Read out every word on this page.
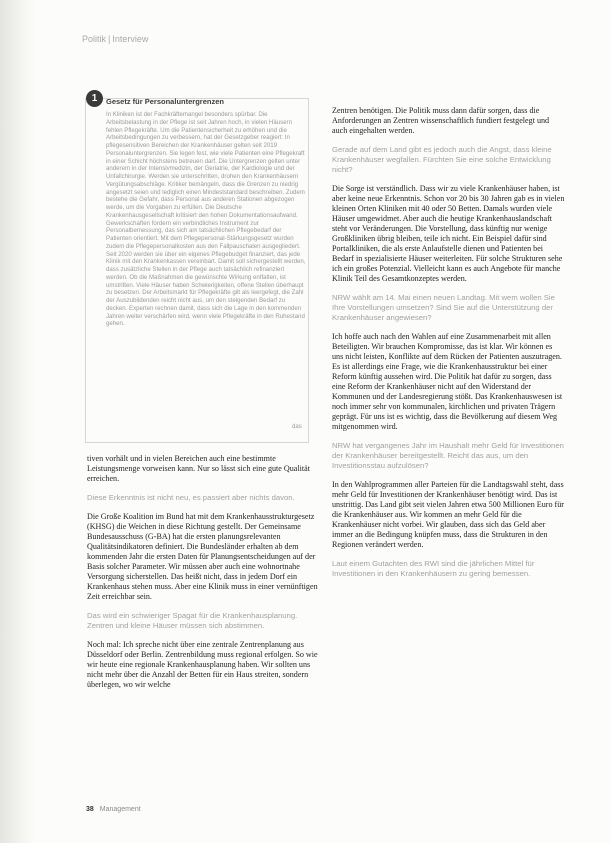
Politik | Interview
1	Gesetz für Personaluntergrenzen
In Kliniken ist der Fachkräftemangel besonders spürbar. Die Arbeitsbelastung in der Pflege ist seit Jahren hoch, in vielen Häusern fehlen Pflegekräfte. Um die Patientensicherheit zu erhöhen und die Arbeitsbedingungen zu verbessern, hat der Gesetzgeber reagiert: In pflegesensitiven Bereichen der Krankenhäuser gelten seit 2019 Personaluntergrenzen. Sie legen fest, wie viele Patienten eine Pflegekraft in einer Schicht höchstens betreuen darf. Die Untergrenzen gelten unter anderem in der Intensivmedizin, der Geriatrie, der Kardiologie und der Unfallchirurgie. Werden sie unterschritten, drohen den Krankenhäusern Vergütungsabschläge. Kritiker bemängeln, dass die Grenzen zu niedrig angesetzt seien und lediglich einen Mindeststandard beschreiben. Zudem bestehe die Gefahr, dass Personal aus anderen Stationen abgezogen werde, um die Vorgaben zu erfüllen. Die Deutsche Krankenhausgesellschaft kritisiert den hohen Dokumentationsaufwand. Gewerkschaften fordern ein verbindliches Instrument zur Personalbemessung, das sich am tatsächlichen Pflegebedarf der Patienten orientiert. Mit dem Pflegepersonal-Stärkungsgesetz wurden zudem die Pflegepersonalkosten aus den Fallpauschalen ausgegliedert. Seit 2020 werden sie über ein eigenes Pflegebudget finanziert, das jede Klinik mit den Krankenkassen vereinbart. Damit soll sichergestellt werden, dass zusätzliche Stellen in der Pflege auch tatsächlich refinanziert werden. Ob die Maßnahmen die gewünschte Wirkung entfalten, ist umstritten. Viele Häuser haben Schwierigkeiten, offene Stellen überhaupt zu besetzen. Der Arbeitsmarkt für Pflegekräfte gilt als leergefegt, die Zahl der Auszubildenden reicht nicht aus, um den steigenden Bedarf zu decken. Experten rechnen damit, dass sich die Lage in den kommenden Jahren weiter verschärfen wird, wenn viele Pflegekräfte in den Ruhestand gehen.
das

tiven vorhält und in vielen Bereichen auch eine bestimmte Leistungsmenge vorweisen kann. Nur so lässt sich eine gute Qualität erreichen.

Diese Erkenntnis ist nicht neu, es passiert aber nichts davon.

Die Große Koalition im Bund hat mit dem Krankenhausstrukturgesetz (KHSG) die Weichen in diese Richtung gestellt. Der Gemeinsame Bundesausschuss (G-BA) hat die ersten planungsrelevanten Qualitätsindikatoren definiert. Die Bundesländer erhalten ab dem kommenden Jahr die ersten Daten für Planungsentscheidungen auf der Basis solcher Parameter. Wir müssen aber auch eine wohnortnahe Versorgung sicherstellen. Das heißt nicht, dass in jedem Dorf ein Krankenhaus stehen muss. Aber eine Klinik muss in einer vernünftigen Zeit erreichbar sein.

Das wird ein schwieriger Spagat für die Krankenhausplanung. Zentren und kleine Häuser müssen sich abstimmen.

Noch mal: Ich spreche nicht über eine zentrale Zentrenplanung aus Düsseldorf oder Berlin. Zentrenbildung muss regional erfolgen. So wie wir heute eine regionale Krankenhausplanung haben. Wir sollten uns nicht mehr über die Anzahl der Betten für ein Haus streiten, sondern überlegen, wo wir welche

Zentren benötigen. Die Politik muss dann dafür sorgen, dass die Anforderungen an Zentren wissenschaftlich fundiert festgelegt und auch eingehalten werden.

Gerade auf dem Land gibt es jedoch auch die Angst, dass kleine Krankenhäuser wegfallen. Fürchten Sie eine solche Entwicklung nicht?

Die Sorge ist verständlich. Dass wir zu viele Krankenhäuser haben, ist aber keine neue Erkenntnis. Schon vor 20 bis 30 Jahren gab es in vielen kleinen Orten Kliniken mit 40 oder 50 Betten. Damals wurden viele Häuser umgewidmet. Aber auch die heutige Krankenhauslandschaft steht vor Veränderungen. Die Vorstellung, dass künftig nur wenige Großkliniken übrig bleiben, teile ich nicht. Ein Beispiel dafür sind Portalkliniken, die als erste Anlaufstelle dienen und Patienten bei Bedarf in spezialisierte Häuser weiterleiten. Für solche Strukturen sehe ich ein großes Potenzial. Vielleicht kann es auch Angebote für manche Klinik Teil des Gesamtkonzeptes werden.

NRW wählt am 14. Mai einen neuen Landtag. Mit wem wollen Sie Ihre Vorstellungen umsetzen? Sind Sie auf die Unterstützung der Krankenhäuser angewiesen?

Ich hoffe auch nach den Wahlen auf eine Zusammenarbeit mit allen Beteiligten. Wir brauchen Kompromisse, das ist klar. Wir können es uns nicht leisten, Konflikte auf dem Rücken der Patienten auszutragen. Es ist allerdings eine Frage, wie die Krankenhausstruktur bei einer Reform künftig aussehen wird. Die Politik hat dafür zu sorgen, dass eine Reform der Krankenhäuser nicht auf den Widerstand der Kommunen und der Landesregierung stößt. Das Krankenhauswesen ist noch immer sehr von kommunalen, kirchlichen und privaten Trägern geprägt. Für uns ist es wichtig, dass die Bevölkerung auf diesem Weg mitgenommen wird.

NRW hat vergangenes Jahr im Haushalt mehr Geld für Investitionen der Krankenhäuser bereitgestellt. Reicht das aus, um den Investitionsstau aufzulösen?

In den Wahlprogrammen aller Parteien für die Landtagswahl steht, dass mehr Geld für Investitionen der Krankenhäuser benötigt wird. Das ist unstrittig. Das Land gibt seit vielen Jahren etwa 500 Millionen Euro für die Krankenhäuser aus. Wir kommen an mehr Geld für die Krankenhäuser nicht vorbei. Wir glauben, dass sich das Geld aber immer an die Bedingung knüpfen muss, dass die Strukturen in den Regionen verändert werden.

Laut einem Gutachten des RWI sind die jährlichen Mittel für Investitionen in den Krankenhäusern zu gering bemessen.

38 Management
